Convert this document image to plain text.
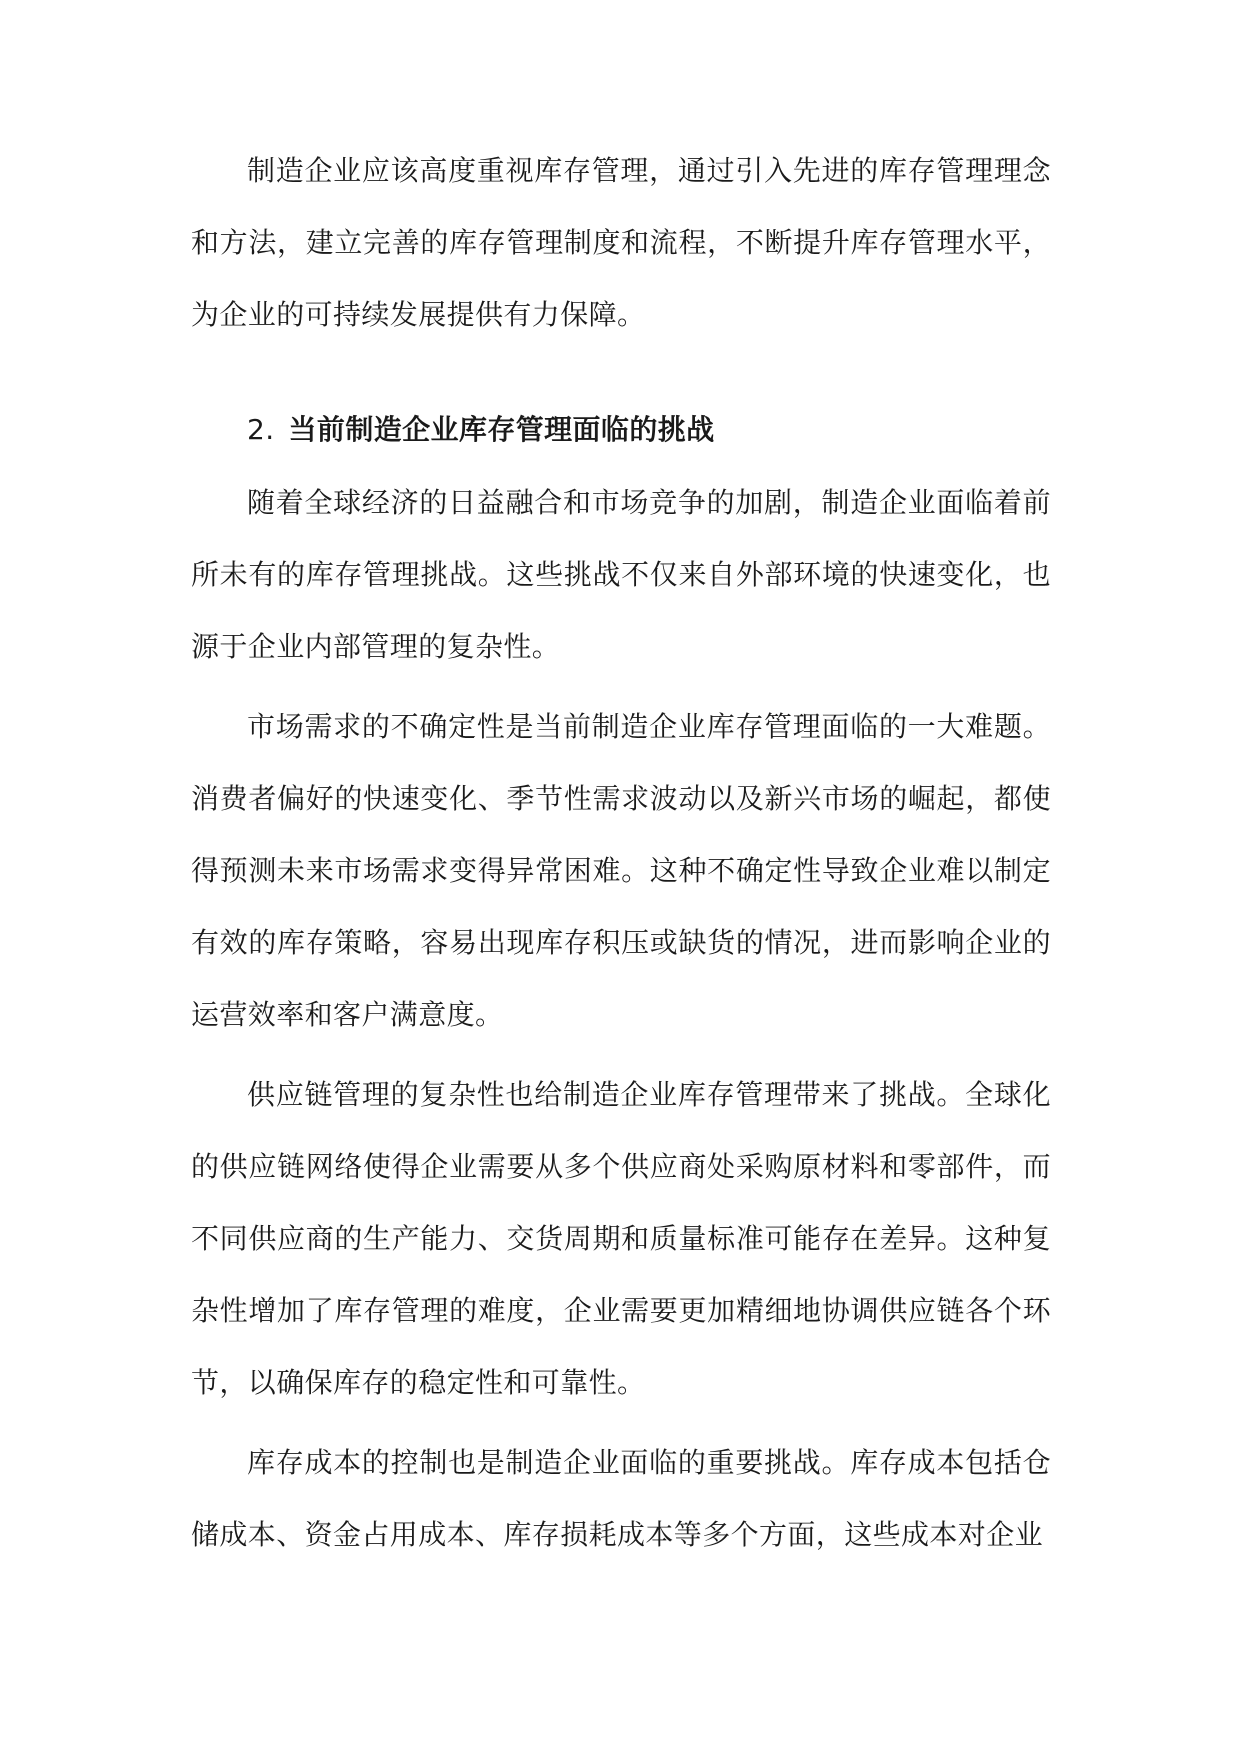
制造企业应该高度重视库存管理，通过引入先进的库存管理理念和方法，建立完善的库存管理制度和流程，不断提升库存管理水平，为企业的可持续发展提供有力保障。

2. 当前制造企业库存管理面临的挑战

随着全球经济的日益融合和市场竞争的加剧，制造企业面临着前所未有的库存管理挑战。这些挑战不仅来自外部环境的快速变化，也源于企业内部管理的复杂性。

市场需求的不确定性是当前制造企业库存管理面临的一大难题。消费者偏好的快速变化、季节性需求波动以及新兴市场的崛起，都使得预测未来市场需求变得异常困难。这种不确定性导致企业难以制定有效的库存策略，容易出现库存积压或缺货的情况，进而影响企业的运营效率和客户满意度。

供应链管理的复杂性也给制造企业库存管理带来了挑战。全球化的供应链网络使得企业需要从多个供应商处采购原材料和零部件，而不同供应商的生产能力、交货周期和质量标准可能存在差异。这种复杂性增加了库存管理的难度，企业需要更加精细地协调供应链各个环节，以确保库存的稳定性和可靠性。

库存成本的控制也是制造企业面临的重要挑战。库存成本包括仓储成本、资金占用成本、库存损耗成本等多个方面，这些成本对企业
